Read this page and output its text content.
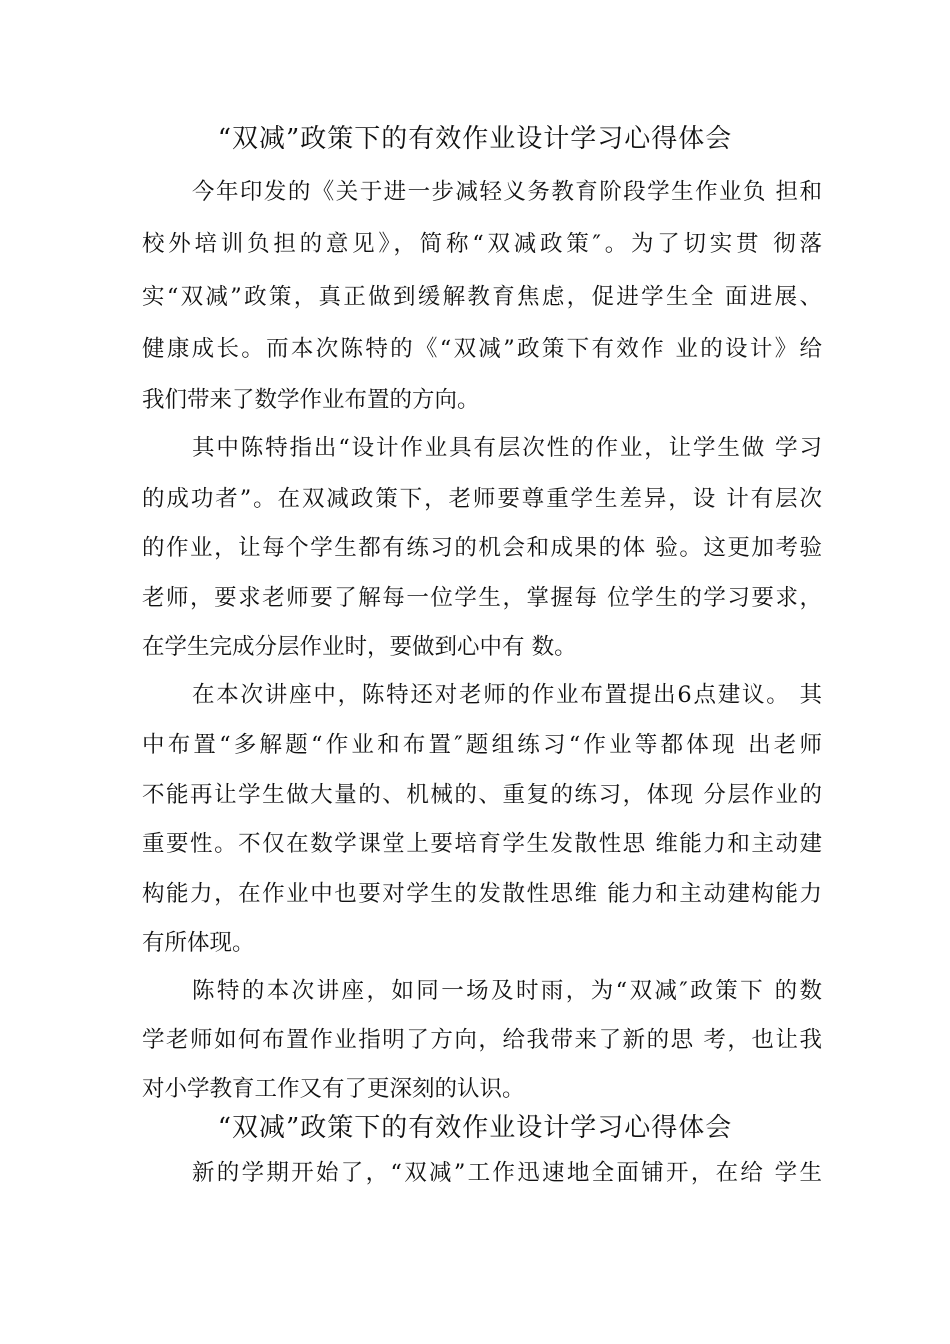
“双减”政策下的有效作业设计学习心得体会
今年印发的《关于进一步减轻义务教育阶段学生作业负 担和
校外培训负担的意见》，简称“双减政策″。为了切实贯 彻落
实“双减”政策，真正做到缓解教育焦虑，促进学生全 面进展、
健康成长。而本次陈特的《“双减”政策下有效作 业的设计》给
我们带来了数学作业布置的方向。
其中陈特指出“设计作业具有层次性的作业，让学生做 学习
的成功者”。在双减政策下，老师要尊重学生差异，设 计有层次
的作业，让每个学生都有练习的机会和成果的体 验。这更加考验
老师，要求老师要了解每一位学生，掌握每 位学生的学习要求，
在学生完成分层作业时，要做到心中有 数。
在本次讲座中，陈特还对老师的作业布置提出6点建议。 其
中布置“多解题“作业和布置″题组练习“作业等都体现 出老师
不能再让学生做大量的、机械的、重复的练习，体现 分层作业的
重要性。不仅在数学课堂上要培育学生发散性思 维能力和主动建
构能力，在作业中也要对学生的发散性思维 能力和主动建构能力
有所体现。
陈特的本次讲座，如同一场及时雨，为“双减″政策下 的数
学老师如何布置作业指明了方向，给我带来了新的思 考，也让我
对小学教育工作又有了更深刻的认识。
“双减”政策下的有效作业设计学习心得体会
新的学期开始了，“双减”工作迅速地全面铺开，在给 学生
